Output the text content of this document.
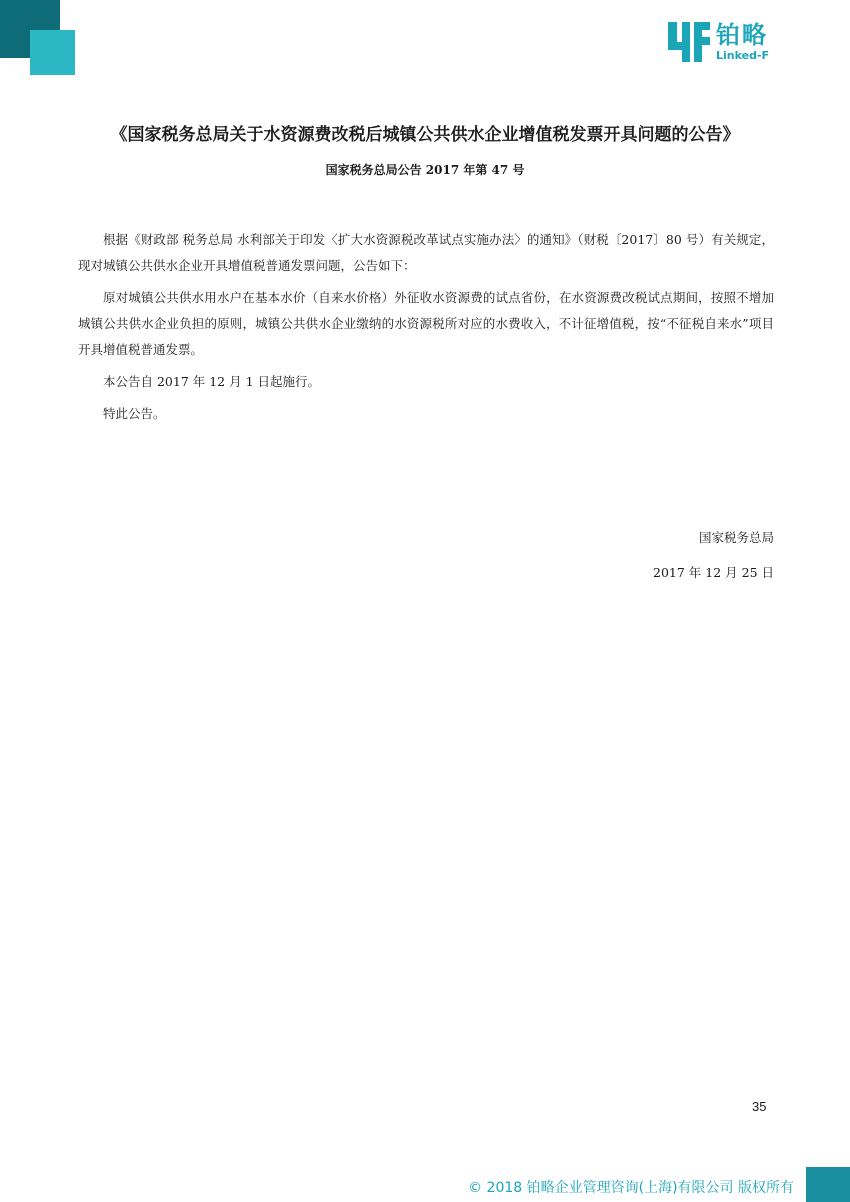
铂略
Linked-F
《国家税务总局关于水资源费改税后城镇公共供水企业增值税发票开具问题的公告》
国家税务总局公告 2017 年第 47 号

根据《财政部 税务总局 水利部关于印发〈扩大水资源税改革试点实施办法〉的通知》（财税〔2017〕80 号）有关规定，现对城镇公共供水企业开具增值税普通发票问题，公告如下：

原对城镇公共供水用水户在基本水价（自来水价格）外征收水资源费的试点省份，在水资源费改税试点期间，按照不增加城镇公共供水企业负担的原则，城镇公共供水企业缴纳的水资源税所对应的水费收入，不计征增值税，按“不征税自来水”项目开具增值税普通发票。

本公告自 2017 年 12 月 1 日起施行。

特此公告。

国家税务总局
2017 年 12 月 25 日
35
© 2018 铂略企业管理咨询(上海)有限公司 版权所有
